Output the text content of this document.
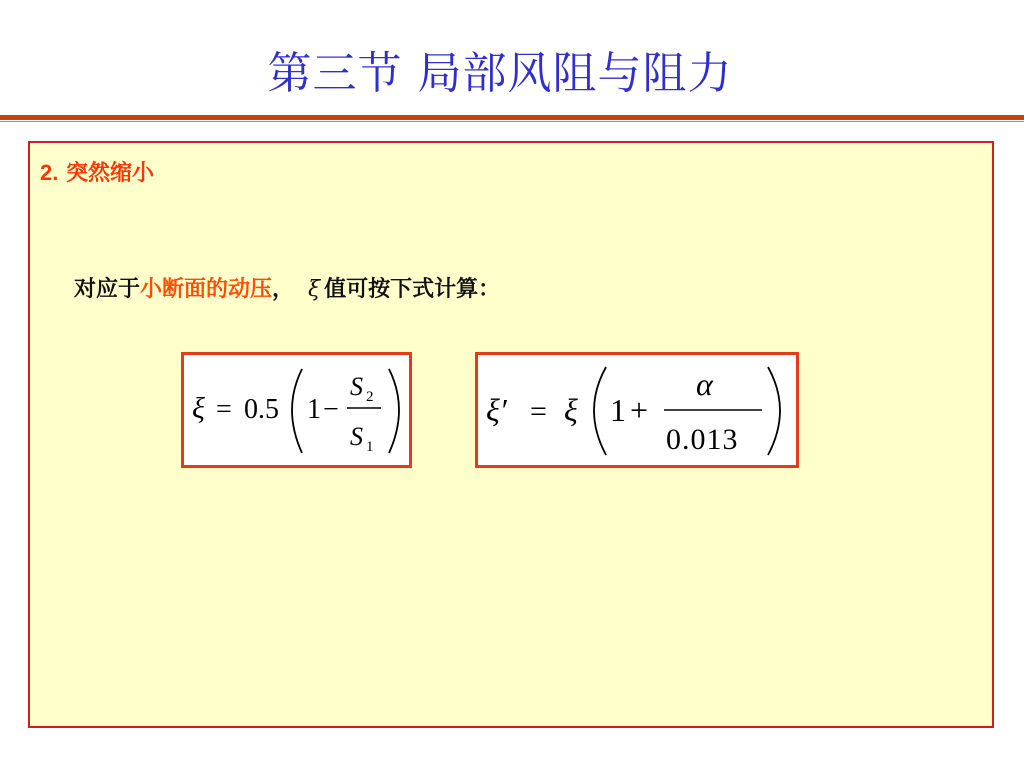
第三节 局部风阻与阻力
2. 突然缩小
对应于小断面的动压， ξ 值可按下式计算：
ξ = 0.5 1 −
S 2
S 1
ξ′ = ξ 1 +
α
0.013
